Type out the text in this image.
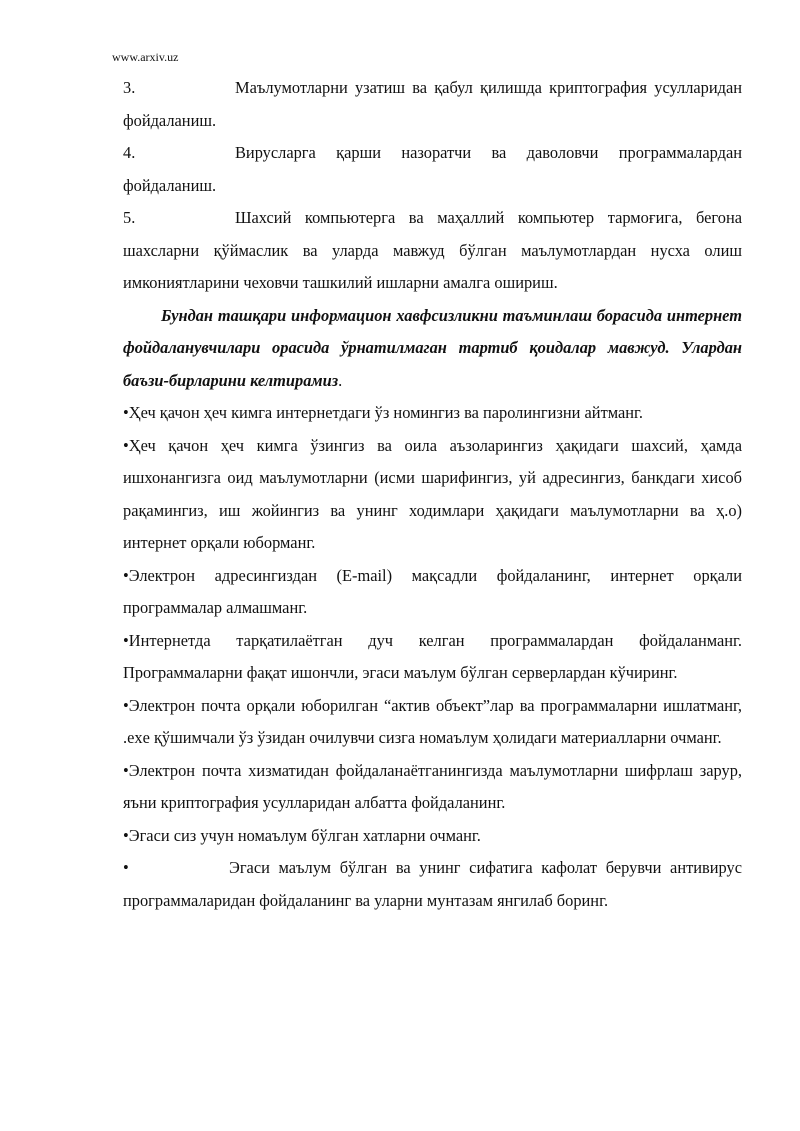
www.arxiv.uz

3.	Маълумотларни узатиш ва қабул қилишда криптография усулларидан фойдаланиш.

4.	Вирусларга қарши назоратчи ва даволовчи программалардан фойдаланиш.

5.	Шахсий компьютерга ва маҳаллий компьютер тармоғига, бегона шахсларни қўймаслик ва уларда мавжуд бўлган маълумотлардан нусха олиш имкониятларини чеховчи ташкилий ишларни амалга ошириш.

Бундан ташқари информацион хавфсизликни таъминлаш борасида интернет фойдаланувчилари орасида ўрнатилмаган тартиб қоидалар мавжуд. Улардан баъзи-бирларини келтирамиз.

•Ҳеч қачон ҳеч кимга интернетдаги ўз номингиз ва паролингизни айтманг.

•Ҳеч қачон ҳеч кимга ўзингиз ва оила аъзоларингиз ҳақидаги шахсий, ҳамда ишхонангизга оид маълумотларни (исми шарифингиз, уй адресингиз, банкдаги хисоб рақамингиз, иш жойингиз ва унинг ходимлари ҳақидаги маълумотларни ва ҳ.о) интернет орқали юборманг.

•Электрон адресингиздан (E-mail) мақсадли фойдаланинг, интернет орқали программалар алмашманг.

•Интернетда тарқатилаётган дуч келган программалардан фойдаланманг. Программаларни фақат ишончли, эгаси маълум бўлган серверлардан кўчиринг.

•Электрон почта орқали юборилган “актив объект”лар ва программаларни ишлатманг, .exe қўшимчали ўз ўзидан очилувчи сизга номаълум ҳолидаги материалларни очманг.

•Электрон почта хизматидан фойдаланаётганингизда маълумотларни шифрлаш зарур, яъни криптография усулларидан албатта фойдаланинг.

•Эгаси сиз учун номаълум бўлган хатларни очманг.

•	Эгаси маълум бўлган ва унинг сифатига кафолат берувчи антивирус программаларидан фойдаланинг ва уларни мунтазам янгилаб боринг.
